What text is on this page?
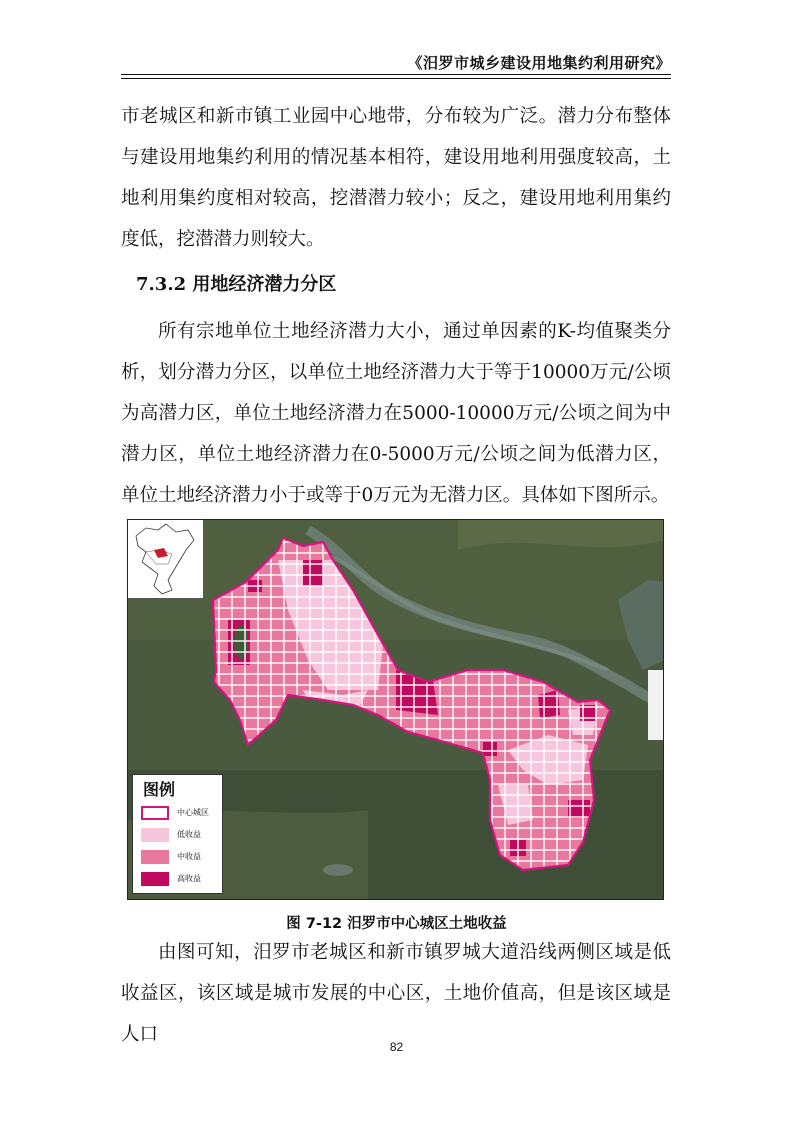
《汨罗市城乡建设用地集约利用研究》

市老城区和新市镇工业园中心地带，分布较为广泛。潜力分布整体与建设用地集约利用的情况基本相符，建设用地利用强度较高，土地利用集约度相对较高，挖潜潜力较小；反之，建设用地利用集约度低，挖潜潜力则较大。

7.3.2 用地经济潜力分区

所有宗地单位土地经济潜力大小，通过单因素的K-均值聚类分析，划分潜力分区，以单位土地经济潜力大于等于10000万元/公顷为高潜力区，单位土地经济潜力在5000-10000万元/公顷之间为中潜力区，单位土地经济潜力在0-5000万元/公顷之间为低潜力区，单位土地经济潜力小于或等于0万元为无潜力区。具体如下图所示。

图例
中心城区
低收益
中收益
高收益
图 7-12 汨罗市中心城区土地收益

由图可知，汨罗市老城区和新市镇罗城大道沿线两侧区域是低收益区，该区域是城市发展的中心区，土地价值高，但是该区域是人口

82
